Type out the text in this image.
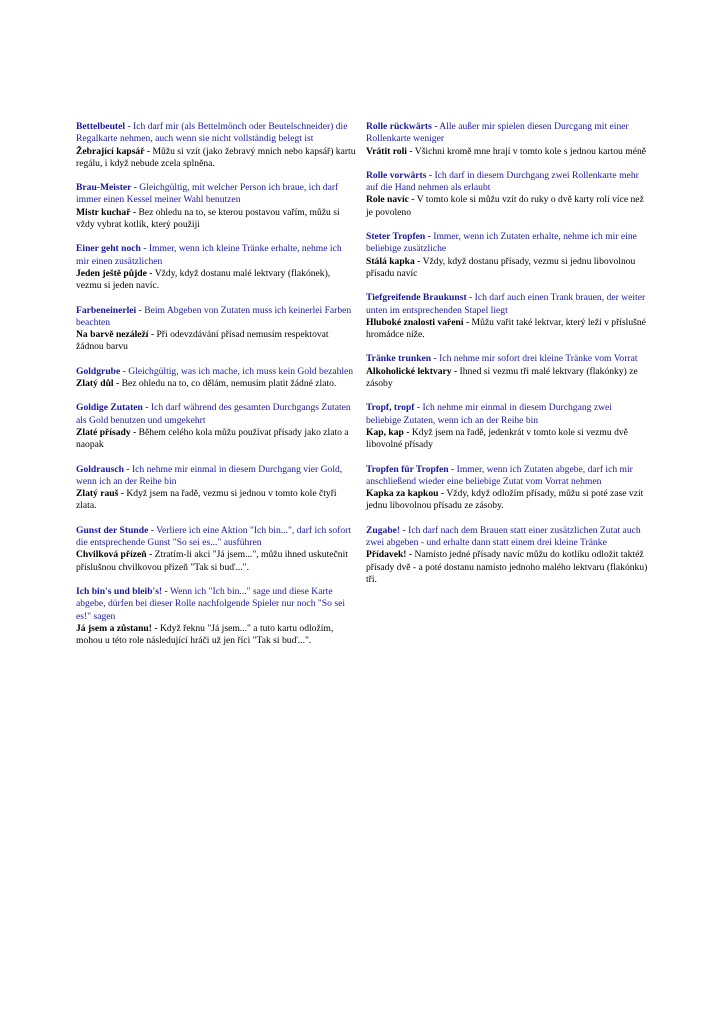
Bettelbeutel - Ich darf mir (als Bettelmönch oder Beutelschneider) die Regalkarte nehmen, auch wenn sie nicht vollständig belegt ist
Žebrající kapsář - Můžu si vzít (jako žebravý mnich nebo kapsář) kartu regálu, i když nebude zcela splněna.
Brau-Meister - Gleichgültig, mit welcher Person ich braue, ich darf immer einen Kessel meiner Wahl benutzen
Mistr kuchař - Bez ohledu na to, se kterou postavou vařím, můžu si vždy vybrat kotlík, který použiji
Einer geht noch - Immer, wenn ich kleine Tränke erhalte, nehme ich mir einen zusätzlichen
Jeden ještě půjde - Vždy, když dostanu malé lektvary (flakónek), vezmu si jeden navíc.
Farbeneinerlei - Beim Abgeben von Zutaten muss ich keinerlei Farben beachten
Na barvě nezáleží - Při odevzdávání přísad nemusím respektovat žádnou barvu
Goldgrube - Gleichgültig, was ich mache, ich muss kein Gold bezahlen
Zlatý důl - Bez ohledu na to, co dělám, nemusím platit žádné zlato.
Goldige Zutaten - Ich darf während des gesamten Durchgangs Zutaten als Gold benutzen und umgekehrt
Zlaté přísady - Během celého kola můžu používat přísady jako zlato a naopak
Goldrausch - Ich nehme mir einmal in diesem Durchgang vier Gold, wenn ich an der Reihe bin
Zlatý rauš - Když jsem na řadě, vezmu si jednou v tomto kole čtyři zlata.
Gunst der Stunde - Verliere ich eine Aktion "Ich bin...", darf ich sofort die entsprechende Gunst "So sei es..." ausführen
Chvilková přízeň - Ztratím-li akci "Já jsem...", můžu ihned uskutečnit příslušnou chvilkovou přízeň "Tak si buď...".
Ich bin's und bleib's! - Wenn ich "Ich bin..." sage und diese Karte abgebe, dürfen bei dieser Rolle nachfolgende Spieler nur noch "So sei es!" sagen
Já jsem a zůstanu! - Když řeknu "Já jsem..." a tuto kartu odložím, mohou u této role následující hráči už jen říci "Tak si buď...".
Rolle rückwärts - Alle außer mir spielen diesen Durcgang mit einer Rollenkarte weniger
Vrátit roli - Všichni kromě mne hrají v tomto kole s jednou kartou méně
Rolle vorwärts - Ich darf in diesem Durchgang zwei Rollenkarte mehr auf die Hand nehmen als erlaubt
Role navíc - V tomto kole si můžu vzít do ruky o dvě karty rolí více než je povoleno
Steter Tropfen - Immer, wenn ich Zutaten erhalte, nehme ich mir eine beliebige zusätzliche
Stálá kapka - Vždy, když dostanu přísady, vezmu si jednu libovolnou přísadu navíc
Tiefgreifende Braukunst - Ich darf auch einen Trank brauen, der weiter unten im entsprechenden Stapel liegt
Hluboké znalosti vaření - Můžu vařit také lektvar, který leží v příslušné hromádce níže.
Tränke trunken - Ich nehme mir sofort drei kleine Tränke vom Vorrat
Alkoholické lektvary - Ihned si vezmu tři malé lektvary (flakónky) ze zásoby
Tropf, tropf - Ich nehme mir einmal in diesem Durchgang zwei beliebige Zutaten, wenn ich an der Reihe bin
Kap, kap - Když jsem na řadě, jedenkrát v tomto kole si vezmu dvě libovolné přísady
Tropfen für Tropfen - Immer, wenn ich Zutaten abgebe, darf ich mir anschließend wieder eine beliebige Zutat vom Vorrat nehmen
Kapka za kapkou - Vždy, když odložím přísady, můžu si poté zase vzít jednu libovolnou přísadu ze zásoby.
Zugabe! - Ich darf nach dem Brauen statt einer zusätzlichen Zutat auch zwei abgeben - und erhalte dann statt einem drei kleine Tränke
Přídavek! - Namísto jedné přísady navíc můžu do kotlíku odložit taktéž přísady dvě - a poté dostanu namísto jednoho malého lektvaru (flakónku) tři.
